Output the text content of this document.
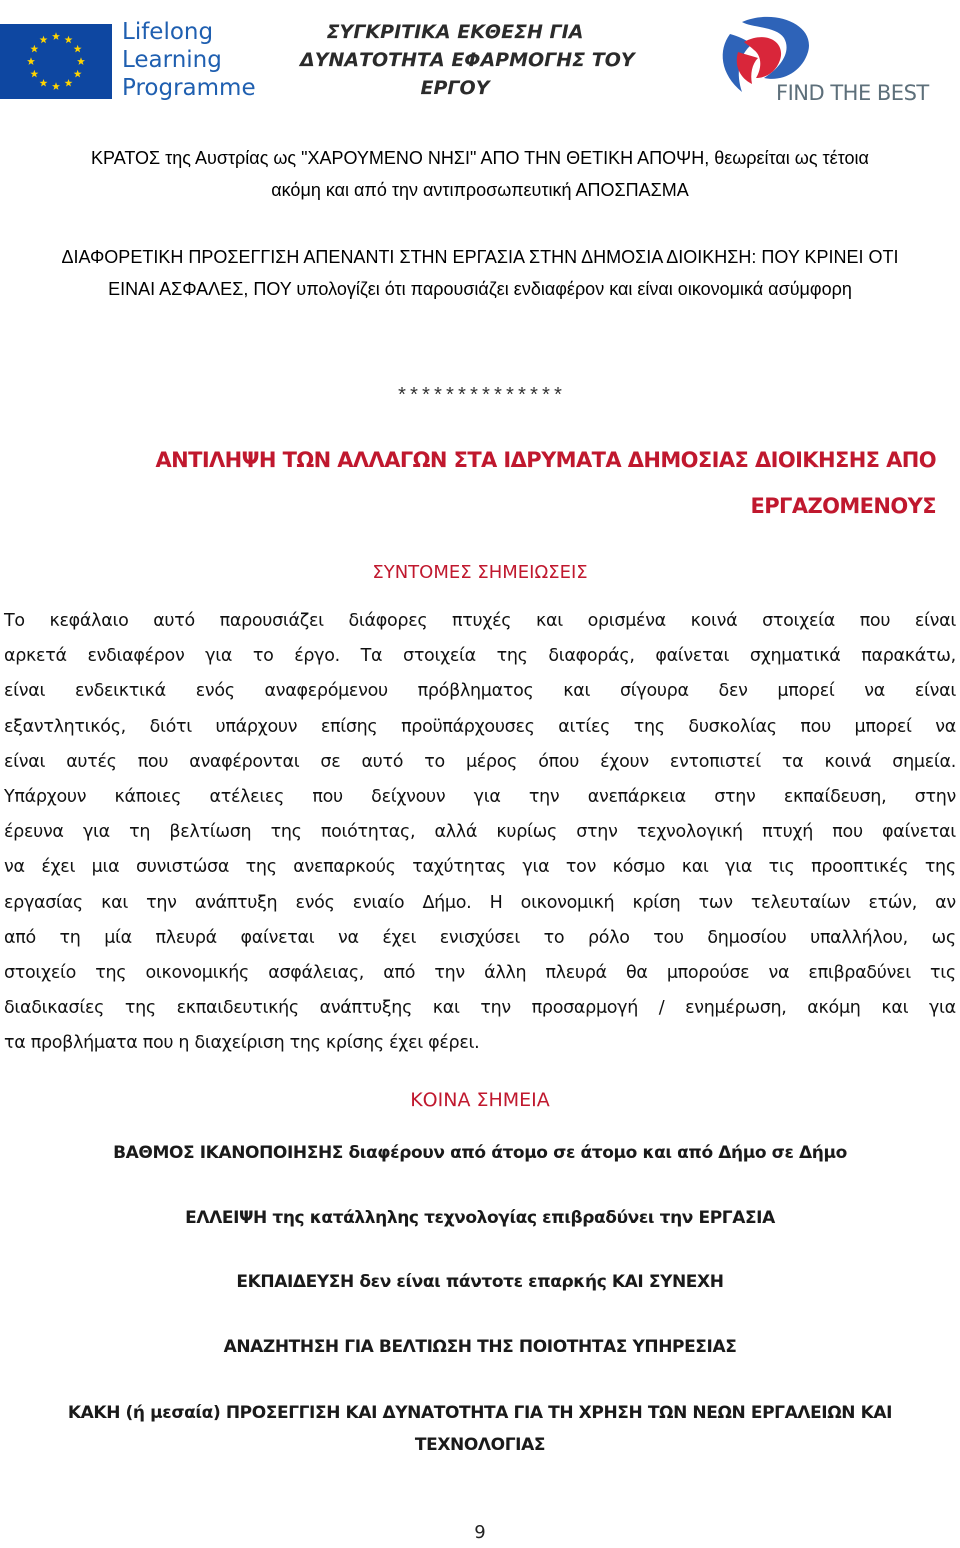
Lifelong
Learning
Programme
ΣΥΓΚΡΙΤΙΚΑ ΕΚΘΕΣΗ ΓΙΑ
ΔΥΝΑΤΟΤΗΤΑ ΕΦΑΡΜΟΓΗΣ ΤΟΥ
ΕΡΓΟΥ	FIND THE BEST
ΚΡΑΤΟΣ της Αυστρίας ως "ΧΑΡΟΥΜΕΝΟ ΝΗΣΙ" ΑΠΟ ΤΗΝ ΘΕΤΙΚΗ ΑΠΟΨΗ, θεωρείται ως τέτοια
ακόμη και από την αντιπροσωπευτική ΑΠΟΣΠΑΣΜΑ
ΔΙΑΦΟΡΕΤΙΚΗ ΠΡΟΣΕΓΓΙΣΗ ΑΠΕΝΑΝΤΙ ΣΤΗΝ ΕΡΓΑΣΙΑ ΣΤΗΝ ΔΗΜΟΣΙΑ ΔΙΟΙΚΗΣΗ: ΠΟΥ ΚΡΙΝΕΙ ΟΤΙ
ΕΙΝΑΙ ΑΣΦΑΛΕΣ, ΠΟΥ υπολογίζει ότι παρουσιάζει ενδιαφέρον και είναι οικονομικά ασύμφορη
**************
ΑΝΤΙΛΗΨΗ ΤΩΝ ΑΛΛΑΓΩΝ ΣΤΑ ΙΔΡΥΜΑΤΑ ΔΗΜΟΣΙΑΣ ΔΙΟΙΚΗΣΗΣ ΑΠΟ
ΕΡΓΑΖΟΜΕΝΟΥΣ
ΣΥΝΤΟΜΕΣ ΣΗΜΕΙΩΣΕΙΣ
Το κεφάλαιο αυτό παρουσιάζει διάφορες πτυχές και ορισμένα κοινά στοιχεία που είναι
αρκετά ενδιαφέρον για το έργο. Τα στοιχεία της διαφοράς, φαίνεται σχηματικά παρακάτω,
είναι ενδεικτικά ενός αναφερόμενου πρόβληματος και σίγουρα δεν μπορεί να είναι
εξαντλητικός, διότι υπάρχουν επίσης προϋπάρχουσες αιτίες της δυσκολίας που μπορεί να
είναι αυτές που αναφέρονται σε αυτό το μέρος όπου έχουν εντοπιστεί τα κοινά σημεία.
Υπάρχουν κάποιες ατέλειες που δείχνουν για την ανεπάρκεια στην εκπαίδευση, στην
έρευνα για τη βελτίωση της ποιότητας, αλλά κυρίως στην τεχνολογική πτυχή που φαίνεται
να έχει μια συνιστώσα της ανεπαρκούς ταχύτητας για τον κόσμο και για τις προοπτικές της
εργασίας και την ανάπτυξη ενός ενιαίο Δήμο. Η οικονομική κρίση των τελευταίων ετών, αν
από τη μία πλευρά φαίνεται να έχει ενισχύσει το ρόλο του δημοσίου υπαλλήλου, ως
στοιχείο της οικονομικής ασφάλειας, από την άλλη πλευρά θα μπορούσε να επιβραδύνει τις
διαδικασίες της εκπαιδευτικής ανάπτυξης και την προσαρμογή / ενημέρωση, ακόμη και για
τα προβλήματα που η διαχείριση της κρίσης έχει φέρει.
ΚΟΙΝΑ ΣΗΜΕΙΑ
ΒΑΘΜΟΣ ΙΚΑΝΟΠΟΙΗΣΗΣ διαφέρουν από άτομο σε άτομο και από Δήμο σε Δήμο
ΕΛΛΕΙΨΗ της κατάλληλης τεχνολογίας επιβραδύνει την ΕΡΓΑΣΙΑ
ΕΚΠΑΙΔΕΥΣΗ δεν είναι πάντοτε επαρκής ΚΑΙ ΣΥΝΕΧΗ
ΑΝΑΖΗΤΗΣΗ ΓΙΑ ΒΕΛΤΙΩΣΗ ΤΗΣ ΠΟΙΟΤΗΤΑΣ ΥΠΗΡΕΣΙΑΣ
ΚΑΚΗ (ή μεσαία) ΠΡΟΣΕΓΓΙΣΗ ΚΑΙ ΔΥΝΑΤΟΤΗΤΑ ΓΙΑ ΤΗ ΧΡΗΣΗ ΤΩΝ ΝΕΩΝ ΕΡΓΑΛΕΙΩΝ ΚΑΙ
ΤΕΧΝΟΛΟΓΙΑΣ
9
